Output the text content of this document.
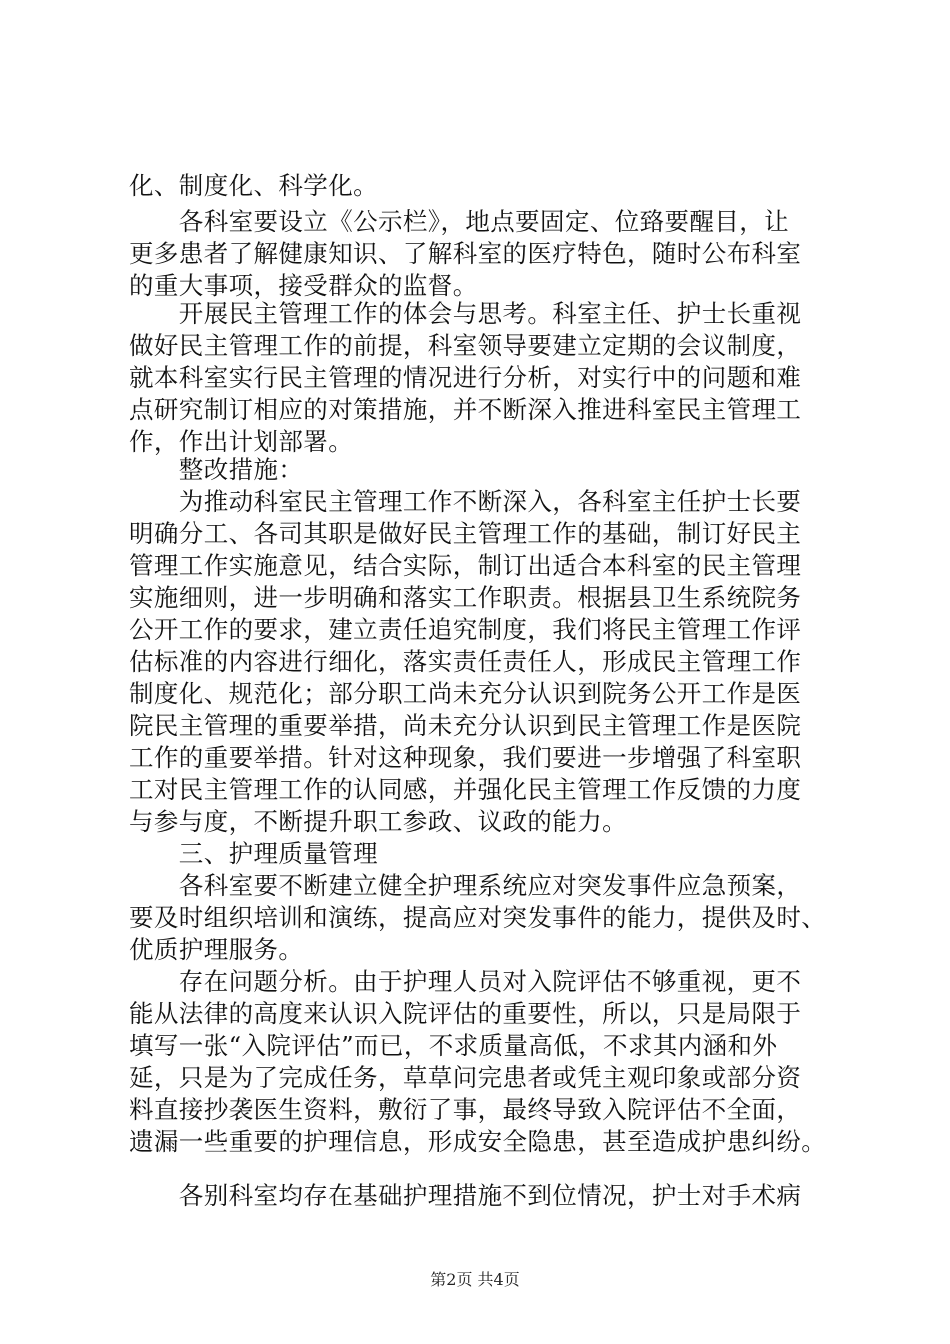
化、制度化、科学化。
　　各科室要设立《公示栏》，地点要固定、位臵要醒目，让
更多患者了解健康知识、了解科室的医疗特色，随时公布科室
的重大事项，接受群众的监督。
　　开展民主管理工作的体会与思考。科室主任、护士长重视
做好民主管理工作的前提，科室领导要建立定期的会议制度，
就本科室实行民主管理的情况进行分析，对实行中的问题和难
点研究制订相应的对策措施，并不断深入推进科室民主管理工
作，作出计划部署。
　　整改措施：
　　为推动科室民主管理工作不断深入，各科室主任护士长要
明确分工、各司其职是做好民主管理工作的基础，制订好民主
管理工作实施意见，结合实际，制订出适合本科室的民主管理
实施细则，进一步明确和落实工作职责。根据县卫生系统院务
公开工作的要求，建立责任追究制度，我们将民主管理工作评
估标准的内容进行细化，落实责任责任人，形成民主管理工作
制度化、规范化；部分职工尚未充分认识到院务公开工作是医
院民主管理的重要举措，尚未充分认识到民主管理工作是医院
工作的重要举措。针对这种现象，我们要进一步增强了科室职
工对民主管理工作的认同感，并强化民主管理工作反馈的力度
与参与度，不断提升职工参政、议政的能力。
　　三、护理质量管理
　　各科室要不断建立健全护理系统应对突发事件应急预案，
要及时组织培训和演练，提高应对突发事件的能力，提供及时、
优质护理服务。
　　存在问题分析。由于护理人员对入院评估不够重视，更不
能从法律的高度来认识入院评估的重要性，所以，只是局限于
填写一张“入院评估”而已，不求质量高低，不求其内涵和外
延，只是为了完成任务，草草问完患者或凭主观印象或部分资
料直接抄袭医生资料，敷衍了事，最终导致入院评估不全面，
遗漏一些重要的护理信息，形成安全隐患，甚至造成护患纠纷。
　　各别科室均存在基础护理措施不到位情况，护士对手术病
第2页 共4页
